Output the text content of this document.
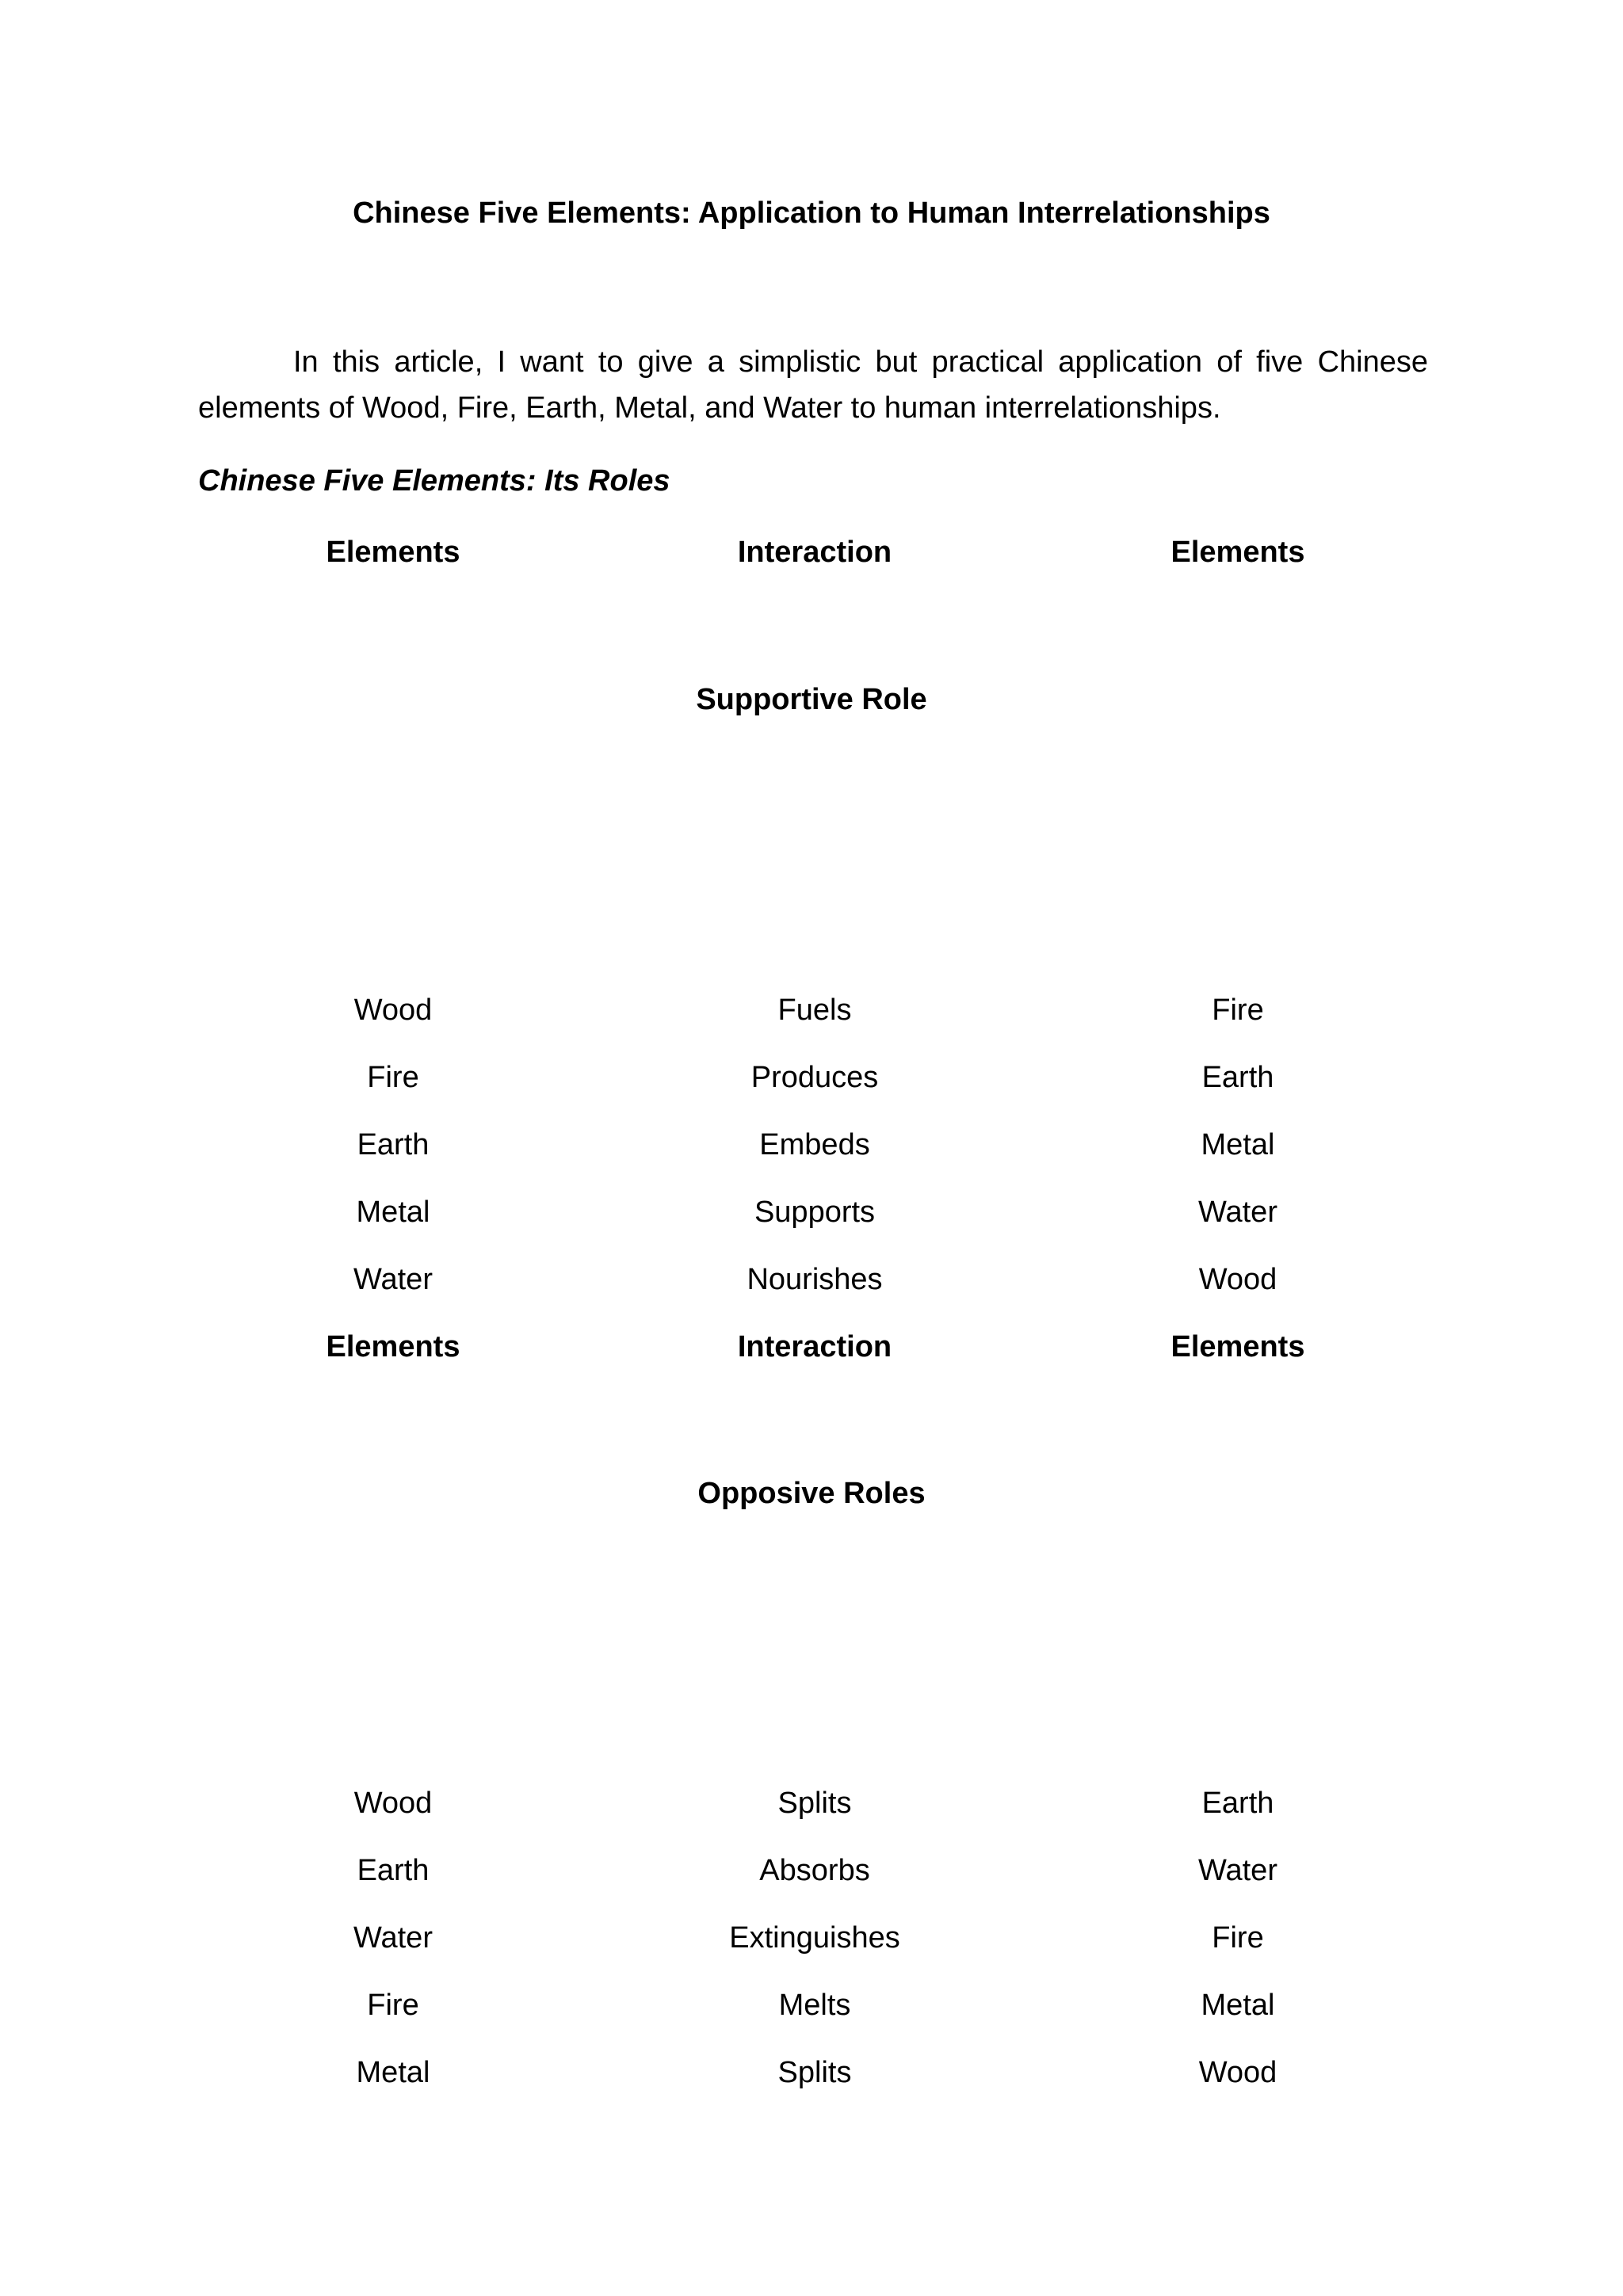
Chinese Five Elements: Application to Human Interrelationships

In this article, I want to give a simplistic but practical application of five Chinese elements of Wood, Fire, Earth, Metal, and Water to human interrelationships.

Chinese Five Elements: Its Roles
Elements	Interaction	Elements
Supportive Role
Wood	Fuels	Fire
Fire	Produces	Earth
Earth	Embeds	Metal
Metal	Supports	Water
Water	Nourishes	Wood
Elements	Interaction	Elements
Opposive Roles
Wood	Splits	Earth
Earth	Absorbs	Water
Water	Extinguishes	Fire
Fire	Melts	Metal
Metal	Splits	Wood
